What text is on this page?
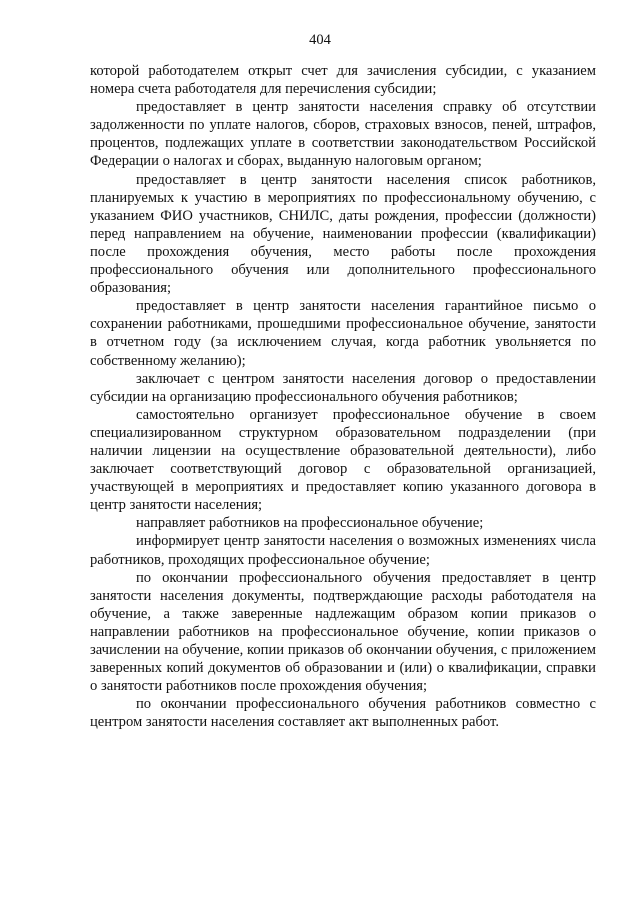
404

которой работодателем открыт счет для зачисления субсидии, с указанием номера счета работодателя для перечисления субсидии;

предоставляет в центр занятости населения справку об отсутствии задолженности по уплате налогов, сборов, страховых взносов, пеней, штрафов, процентов, подлежащих уплате в соответствии законодательством Российской Федерации о налогах и сборах, выданную налоговым органом;

предоставляет в центр занятости населения список работников, планируемых к участию в мероприятиях по профессиональному обучению, с указанием ФИО участников, СНИЛС, даты рождения, профессии (должности) перед направлением на обучение, наименовании профессии (квалификации) после прохождения обучения, место работы после прохождения профессионального обучения или дополнительного профессионального образования;

предоставляет в центр занятости населения гарантийное письмо о сохранении работниками, прошедшими профессиональное обучение, занятости в отчетном году (за исключением случая, когда работник увольняется по собственному желанию);

заключает с центром занятости населения договор о предоставлении субсидии на организацию профессионального обучения работников;

самостоятельно организует профессиональное обучение в своем специализированном структурном образовательном подразделении (при наличии лицензии на осуществление образовательной деятельности), либо заключает соответствующий договор с образовательной организацией, участвующей в мероприятиях и предоставляет копию указанного договора в центр занятости населения;

направляет работников на профессиональное обучение;

информирует центр занятости населения о возможных изменениях числа работников, проходящих профессиональное обучение;

по окончании профессионального обучения предоставляет в центр занятости населения документы, подтверждающие расходы работодателя на обучение, а также заверенные надлежащим образом копии приказов о направлении работников на профессиональное обучение, копии приказов о зачислении на обучение, копии приказов об окончании обучения, с приложением заверенных копий документов об образовании и (или) о квалификации, справки о занятости работников после прохождения обучения;

по окончании профессионального обучения работников совместно с центром занятости населения составляет акт выполненных работ.
